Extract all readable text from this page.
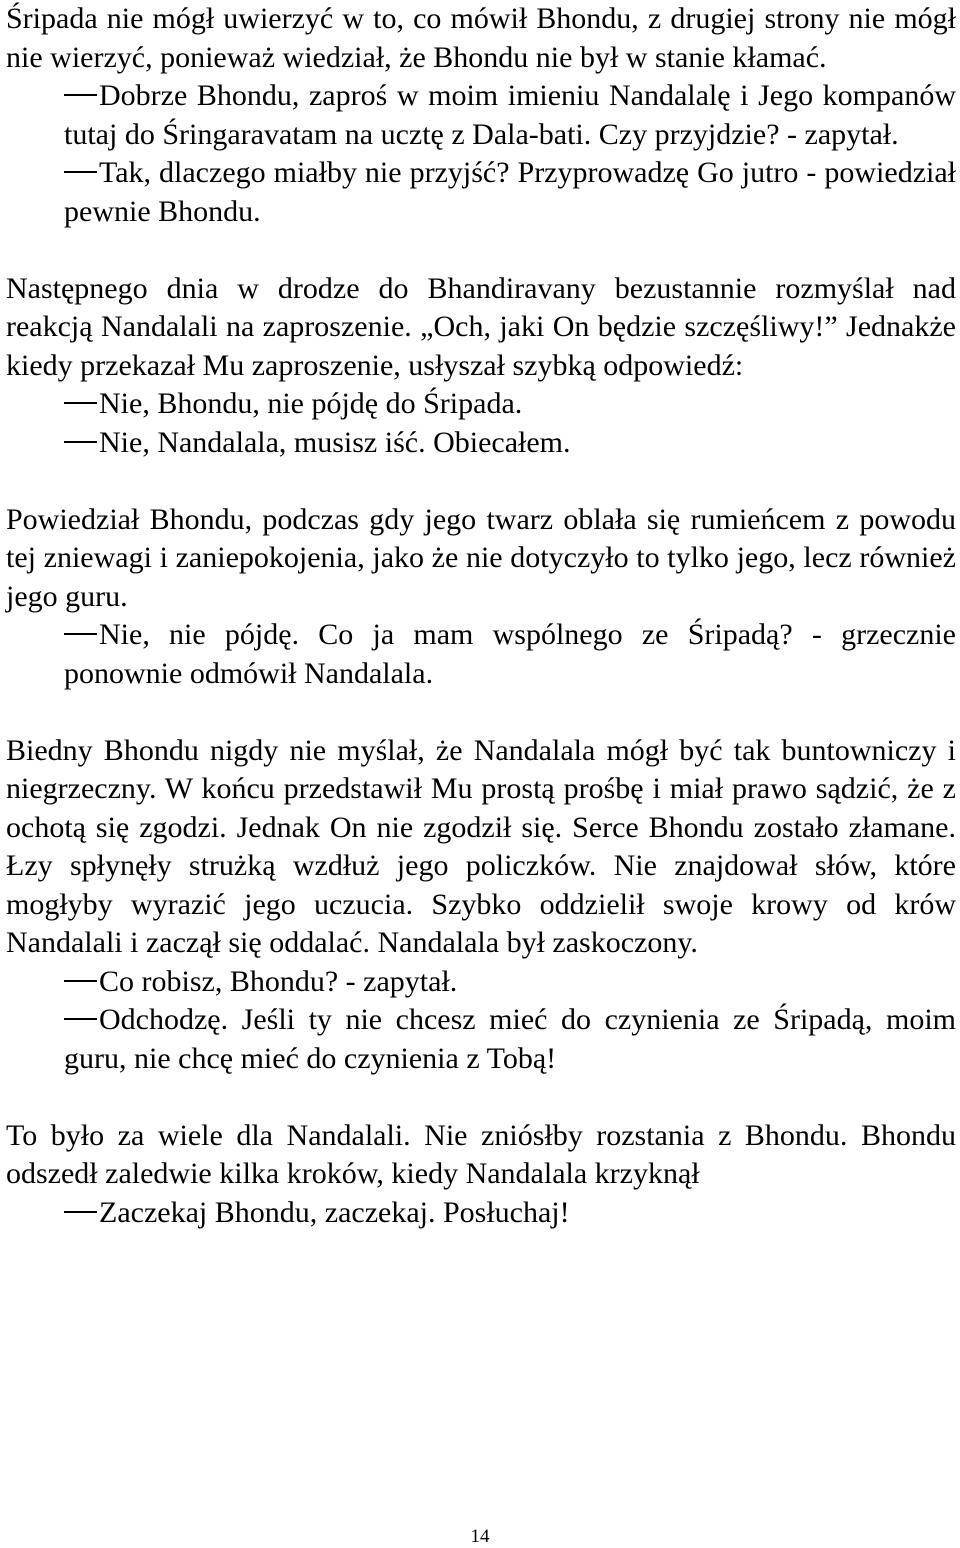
Śripada nie mógł uwierzyć w to, co mówił Bhondu, z drugiej strony nie mógł nie wierzyć, ponieważ wiedział, że Bhondu nie był w stanie kłamać.

Dobrze Bhondu, zaproś w moim imieniu Nandalalę i Jego kompanów tutaj do Śringaravatam na ucztę z Dala-bati. Czy przyjdzie? - zapytał.

Tak, dlaczego miałby nie przyjść? Przyprowadzę Go jutro - powiedział pewnie Bhondu.

Następnego dnia w drodze do Bhandiravany bezustannie rozmyślał nad reakcją Nandalali na zaproszenie. „Och, jaki On będzie szczęśliwy!” Jednakże kiedy przekazał Mu zaproszenie, usłyszał szybką odpowiedź:

Nie, Bhondu, nie pójdę do Śripada.

Nie, Nandalala, musisz iść. Obiecałem.

Powiedział Bhondu, podczas gdy jego twarz oblała się rumieńcem z powodu tej zniewagi i zaniepokojenia, jako że nie dotyczyło to tylko jego, lecz również jego guru.

Nie, nie pójdę. Co ja mam wspólnego ze Śripadą? - grzecznie ponownie odmówił Nandalala.

Biedny Bhondu nigdy nie myślał, że Nandalala mógł być tak buntowniczy i niegrzeczny. W końcu przedstawił Mu prostą prośbę i miał prawo sądzić, że z ochotą się zgodzi. Jednak On nie zgodził się. Serce Bhondu zostało złamane. Łzy spłynęły strużką wzdłuż jego policzków. Nie znajdował słów, które mogłyby wyrazić jego uczucia. Szybko oddzielił swoje krowy od krów Nandalali i zaczął się oddalać. Nandalala był zaskoczony.

Co robisz, Bhondu? - zapytał.

Odchodzę. Jeśli ty nie chcesz mieć do czynienia ze Śripadą, moim guru, nie chcę mieć do czynienia z Tobą!

To było za wiele dla Nandalali. Nie zniósłby rozstania z Bhondu. Bhondu odszedł zaledwie kilka kroków, kiedy Nandalala krzyknął

Zaczekaj Bhondu, zaczekaj. Posłuchaj!

14
